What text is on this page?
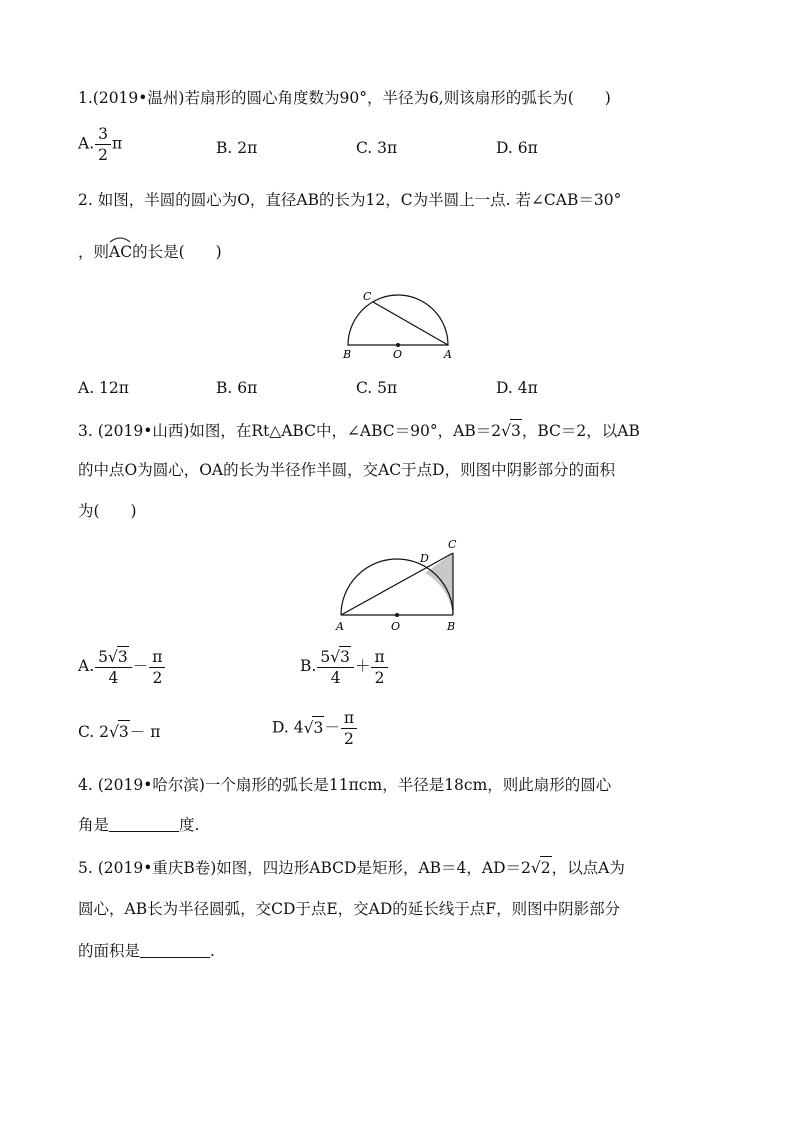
1.(2019•温州)若扇形的圆心角度数为90°，半径为6,则该扇形的弧长为(　　)
A. $\frac{3}{2}$ π	B. 2π	C. 3π	D. 6π
2. 如图，半圆的圆心为O，直径AB的长为12，C为半圆上一点. 若∠CAB＝30°
，则
AC的长是(　　)
C
B	O	A
A. 12π	B. 6π	C. 5π	D. 4π
3. (2019•山西)如图，在Rt△ABC中，∠ABC＝90°，AB＝2√3，BC＝2，以AB
的中点O为圆心，OA的长为半径作半圆，交AC于点D，则图中阴影部分的面积
为(　　)
D
C
A	O	B
A. $\frac{5√3}{4} - \frac{\pi}{2}$	B. $\frac{5√3}{4} + \frac{\pi}{2}$
C. 2√3－ π	D. $4√3- \frac{\pi}{2}$
4. (2019•哈尔滨)一个扇形的弧长是11πcm，半径是18cm，则此扇形的圆心
角是	度.
5. (2019•重庆B卷)如图，四边形ABCD是矩形，AB＝4，AD＝2√2，以点A为
圆心，AB长为半径圆弧，交CD于点E，交AD的延长线于点F，则图中阴影部分
的面积是	.
